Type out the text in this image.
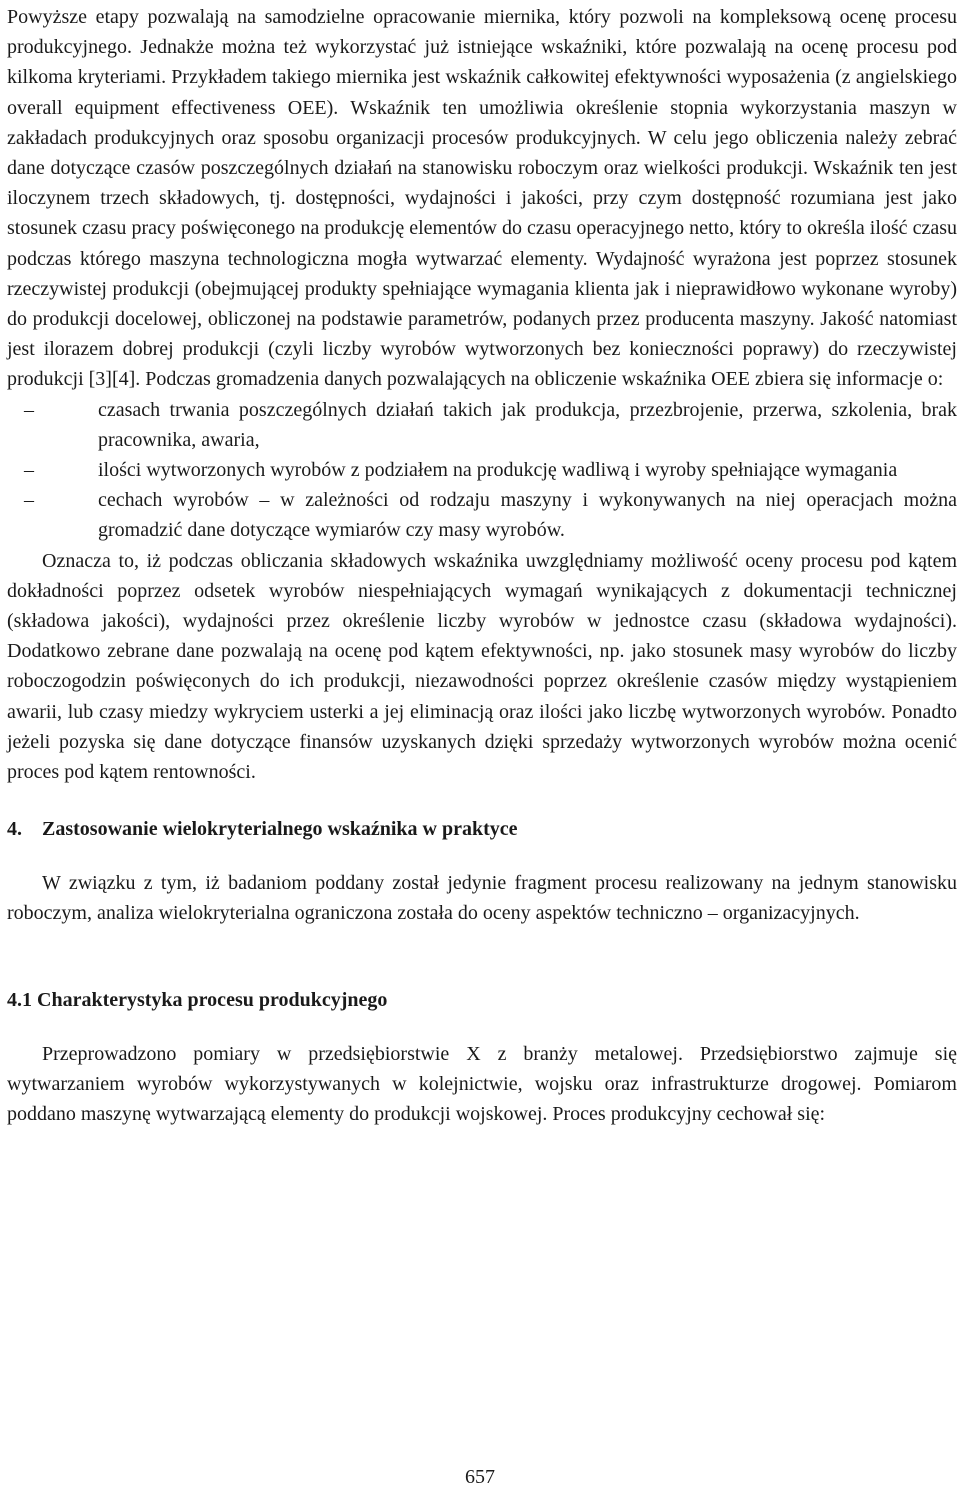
Powyższe etapy pozwalają na samodzielne opracowanie miernika, który pozwoli na kompleksową ocenę procesu produkcyjnego. Jednakże można też wykorzystać już istniejące wskaźniki, które pozwalają na ocenę procesu pod kilkoma kryteriami. Przykładem takiego miernika jest wskaźnik całkowitej efektywności wyposażenia (z angielskiego overall equipment effectiveness OEE). Wskaźnik ten umożliwia określenie stopnia wykorzystania maszyn w zakładach produkcyjnych oraz sposobu organizacji procesów produkcyjnych. W celu jego obliczenia należy zebrać dane dotyczące czasów poszczególnych działań na stanowisku roboczym oraz wielkości produkcji. Wskaźnik ten jest iloczynem trzech składowych, tj. dostępności, wydajności i jakości, przy czym dostępność rozumiana jest jako stosunek czasu pracy poświęconego na produkcję elementów do czasu operacyjnego netto, który to określa ilość czasu podczas którego maszyna technologiczna mogła wytwarzać elementy. Wydajność wyrażona jest poprzez stosunek rzeczywistej produkcji (obejmującej produkty spełniające wymagania klienta jak i nieprawidłowo wykonane wyroby) do produkcji docelowej, obliczonej na podstawie parametrów, podanych przez producenta maszyny. Jakość natomiast jest ilorazem dobrej produkcji (czyli liczby wyrobów wytworzonych bez konieczności poprawy) do rzeczywistej produkcji [3][4]. Podczas gromadzenia danych pozwalających na obliczenie wskaźnika OEE zbiera się informacje o:

–	czasach trwania poszczególnych działań takich jak produkcja, przezbrojenie, przerwa, szkolenia, brak pracownika, awaria,
–	ilości wytworzonych wyrobów z podziałem na produkcję wadliwą i wyroby spełniające wymagania
–	cechach wyrobów – w zależności od rodzaju maszyny i wykonywanych na niej operacjach można gromadzić dane dotyczące wymiarów czy masy wyrobów.

Oznacza to, iż podczas obliczania składowych wskaźnika uwzględniamy możliwość oceny procesu pod kątem dokładności poprzez odsetek wyrobów niespełniających wymagań wynikających z dokumentacji technicznej (składowa jakości), wydajności przez określenie liczby wyrobów w jednostce czasu (składowa wydajności). Dodatkowo zebrane dane pozwalają na ocenę pod kątem efektywności, np. jako stosunek masy wyrobów do liczby roboczogodzin poświęconych do ich produkcji, niezawodności poprzez określenie czasów między wystąpieniem awarii, lub czasy miedzy wykryciem usterki a jej eliminacją oraz ilości jako liczbę wytworzonych wyrobów. Ponadto jeżeli pozyska się dane dotyczące finansów uzyskanych dzięki sprzedaży wytworzonych wyrobów można ocenić proces pod kątem rentowności.

4. Zastosowanie wielokryterialnego wskaźnika w praktyce

W związku z tym, iż badaniom poddany został jedynie fragment procesu realizowany na jednym stanowisku roboczym, analiza wielokryterialna ograniczona została do oceny aspektów techniczno – organizacyjnych.

4.1 Charakterystyka procesu produkcyjnego

Przeprowadzono pomiary w przedsiębiorstwie X z branży metalowej. Przedsiębiorstwo zajmuje się wytwarzaniem wyrobów wykorzystywanych w kolejnictwie, wojsku oraz infrastrukturze drogowej. Pomiarom poddano maszynę wytwarzającą elementy do produkcji wojskowej. Proces produkcyjny cechował się:

657
